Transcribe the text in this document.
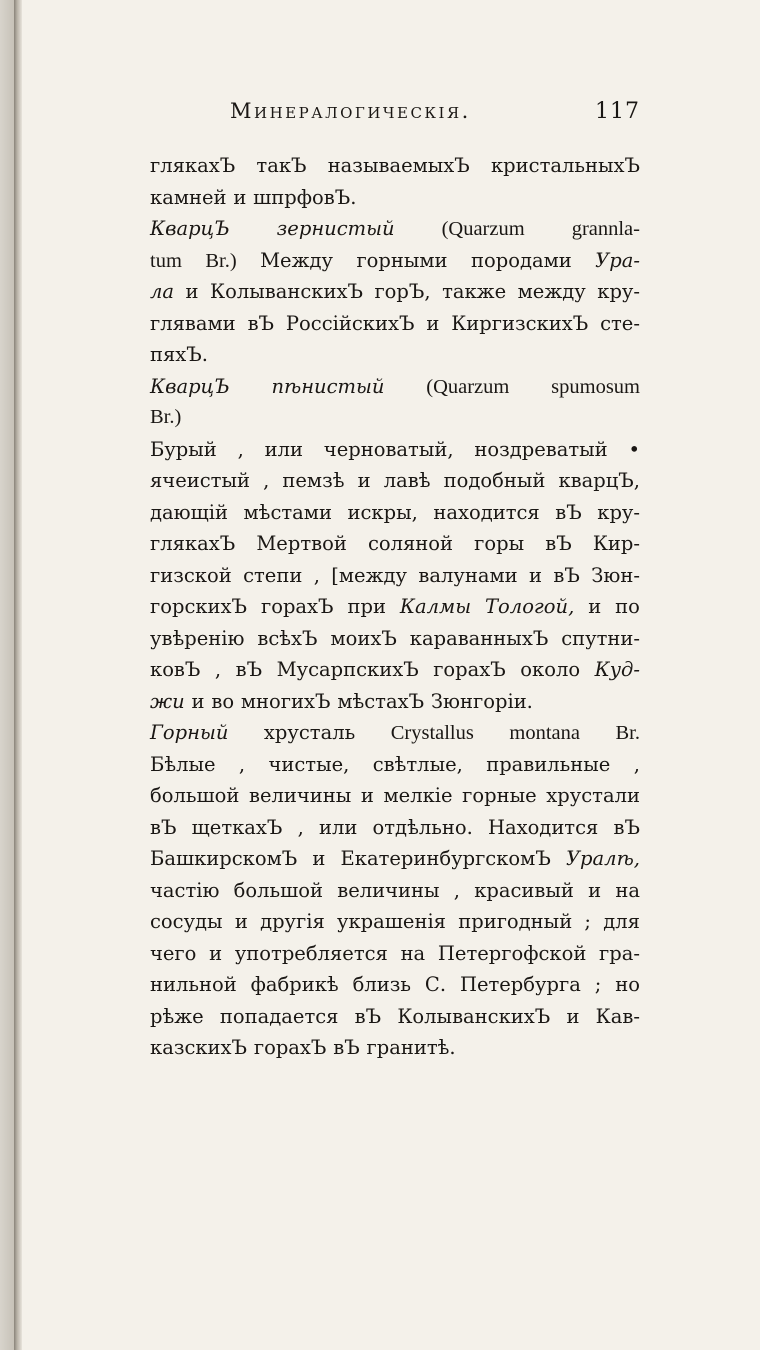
Минералогическія.	117
глякахЪ такЪ называемыхЪ кристальныхЪ
камней и шпрфовЪ.
КварцЪ зернистый (Quarzum grannla-
tum Br.) Между горными породами Ура-
ла и КолыванскихЪ горЪ, также между кру-
глявами вЪ РоссійскихЪ и КиргизскихЪ сте-
пяхЪ.
КварцЪ пѣнистый (Quarzum spumosum
Br.)
Бурый , или черноватый, ноздреватый •
ячеистый , пемзѣ и лавѣ подобный кварцЪ,
дающій мѣстами искры, находится вЪ кру-
глякахЪ Мертвой соляной горы вЪ Кир-
гизской степи , [между валунами и вЪ Зюн-
горскихЪ горахЪ при Калмы Тологой, и по
увѣренію всѣхЪ моихЪ караванныхЪ спутни-
ковЪ , вЪ МусарпскихЪ горахЪ около Куд-
жи и во многихЪ мѣстахЪ Зюнгоріи.
Горный хрусталь Crystallus montana Br.
Бѣлые , чистые, свѣтлые, правильные ,
большой величины и мелкіе горные хрустали
вЪ щеткахЪ , или отдѣльно. Находится вЪ
БашкирскомЪ и ЕкатеринбургскомЪ Уралѣ,
частію большой величины , красивый и на
сосуды и другія украшенія пригодный ; для
чего и употребляется на Петергофской гра-
нильной фабрикѣ близь С. Петербурга ; но
рѣже попадается вЪ КолыванскихЪ и Кав-
казскихЪ горахЪ вЪ гранитѣ.
